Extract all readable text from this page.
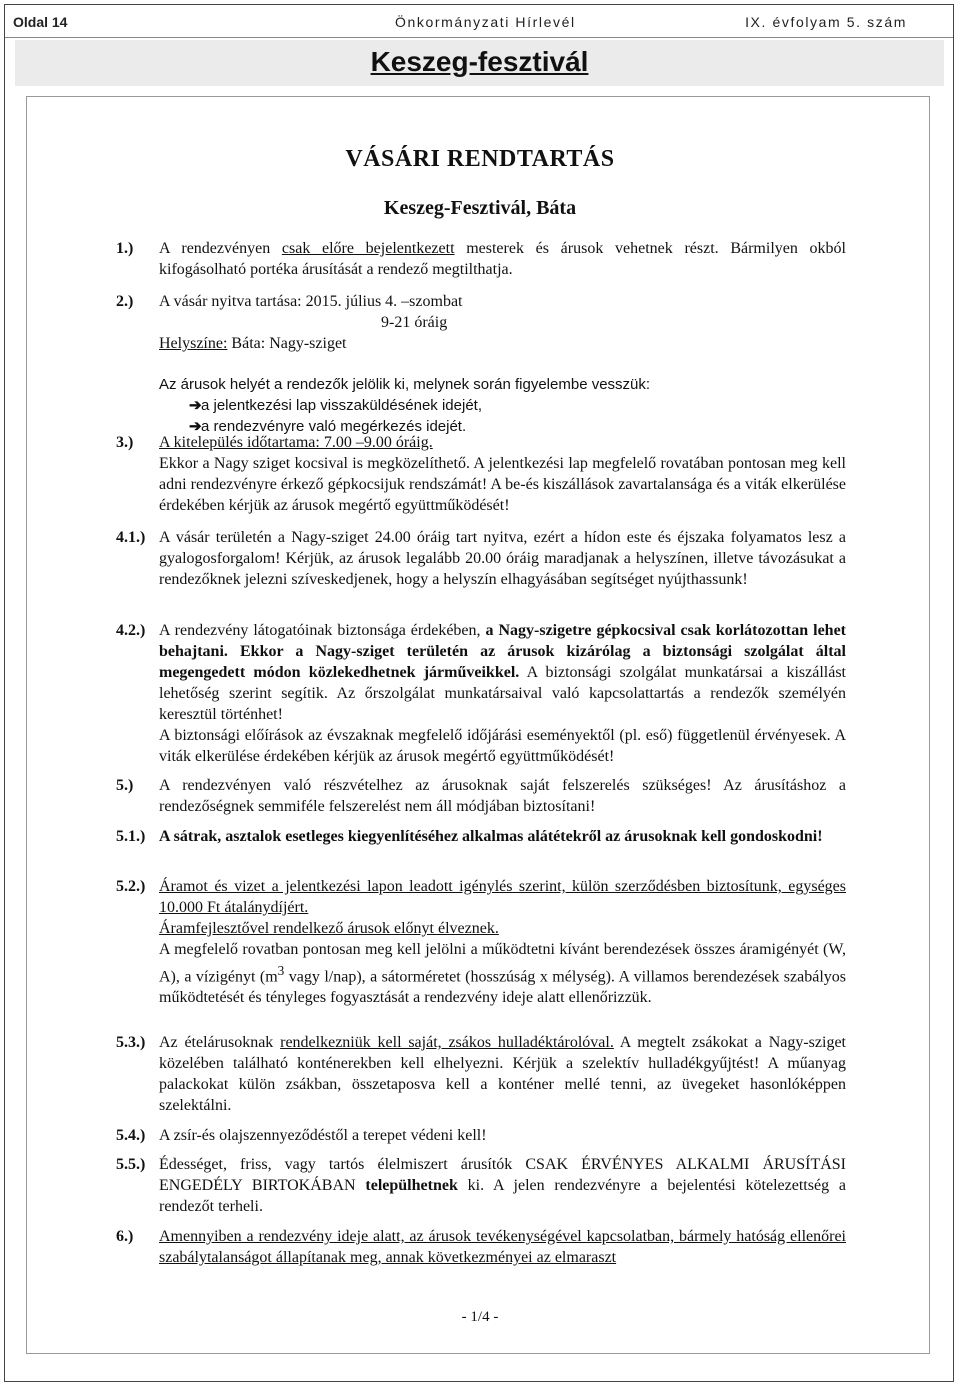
Oldal 14	Önkormányzati Hírlevél	IX. évfolyam 5. szám
Keszeg-fesztivál
VÁSÁRI RENDTARTÁS
Keszeg-Fesztivál, Báta
1.) A rendezvényen csak előre bejelentkezett mesterek és árusok vehetnek részt. Bármilyen okból kifogásolható portéka árusítását a rendező megtilthatja.

2.) A vásár nyitva tartása: 2015. július 4. –szombat

9-21 óráig

Helyszíne: Báta: Nagy-sziget

Az árusok helyét a rendezők jelölik ki, melynek során figyelembe vesszük:

➔ a jelentkezési lap visszaküldésének idejét,
➔ a rendezvényre való megérkezés idejét.
3.) A kitelepülés időtartama: 7.00 –9.00 óráig.

Ekkor a Nagy sziget kocsival is megközelíthető. A jelentkezési lap megfelelő rovatában pontosan meg kell adni rendezvényre érkező gépkocsijuk rendszámát! A be-és kiszállások zavartalansága és a viták elkerülése érdekében kérjük az árusok megértő együttműködését!

4.1.) A vásár területén a Nagy-sziget 24.00 óráig tart nyitva, ezért a hídon este és éjszaka folyamatos lesz a gyalogosforgalom! Kérjük, az árusok legalább 20.00 óráig maradjanak a helyszínen, illetve távozásukat a rendezőknek jelezni szíveskedjenek, hogy a helyszín elhagyásában segítséget nyújthassunk!

4.2.) A rendezvény látogatóinak biztonsága érdekében, a Nagy-szigetre gépkocsival csak korlátozottan lehet behajtani. Ekkor a Nagy-sziget területén az árusok kizárólag a biztonsági szolgálat által megengedett módon közlekedhetnek járműveikkel. A biztonsági szolgálat munkatársai a kiszállást lehetőség szerint segítik. Az őrszolgálat munkatársaival való kapcsolattartás a rendezők személyén keresztül történhet!

A biztonsági előírások az évszaknak megfelelő időjárási eseményektől (pl. eső) függetlenül érvényesek. A viták elkerülése érdekében kérjük az árusok megértő együttműködését!

5.) A rendezvényen való részvételhez az árusoknak saját felszerelés szükséges! Az árusításhoz a rendezőségnek semmiféle felszerelést nem áll módjában biztosítani!

5.1.) A sátrak, asztalok esetleges kiegyenlítéséhez alkalmas alátétekről az árusoknak kell gondoskodni!

5.2.) Áramot és vizet a jelentkezési lapon leadott igénylés szerint, külön szerződésben biztosítunk, egységes 10.000 Ft átalánydíjért.

Áramfejlesztővel rendelkező árusok előnyt élveznek.

A megfelelő rovatban pontosan meg kell jelölni a működtetni kívánt berendezések összes áramigényét (W, A), a vízigényt ($m^3$ vagy l/nap), a sátorméretet (hosszúság x mélység). A villamos berendezések szabályos működtetését és tényleges fogyasztását a rendezvény ideje alatt ellenőrizzük.

5.3.) Az ételárusoknak rendelkezniük kell saját, zsákos hulladéktárolóval. A megtelt zsákokat a Nagy-sziget közelében található konténerekben kell elhelyezni. Kérjük a szelektív hulladékgyűjtést! A műanyag palackokat külön zsákban, összetaposva kell a konténer mellé tenni, az üvegeket hasonlóképpen szelektálni.

5.4.) A zsír-és olajszennyeződéstől a terepet védeni kell!

5.5.) Édességet, friss, vagy tartós élelmiszert árusítók CSAK ÉRVÉNYES ALKALMI ÁRUSÍTÁSI ENGEDÉLY BIRTOKÁBAN települhetnek ki. A jelen rendezvényre a bejelentési kötelezettség a rendezőt terheli.

6.) Amennyiben a rendezvény ideje alatt, az árusok tevékenységével kapcsolatban, bármely hatóság ellenőrei szabálytalanságot állapítanak meg, annak következményei az elmaraszt

- 1/4 -
